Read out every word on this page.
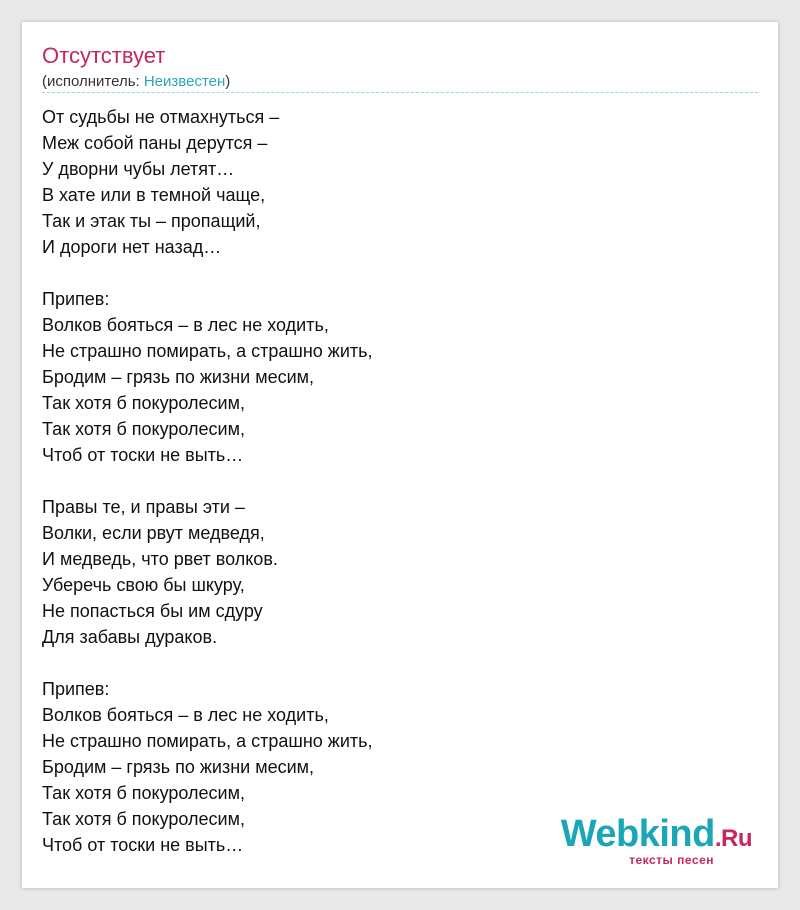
Отсутствует
(исполнитель: Неизвестен)
От судьбы не отмахнуться –
Меж собой паны дерутся –
У дворни чубы летят…
В хате или в темной чаще,
Так и этак ты – пропащий,
И дороги нет назад…
Припев:
Волков бояться – в лес не ходить,
Не страшно помирать, а страшно жить,
Бродим – грязь по жизни месим,
Так хотя б покуролесим,
Так хотя б покуролесим,
Чтоб от тоски не выть…
Правы те, и правы эти –
Волки, если рвут медведя,
И медведь, что рвет волков.
Уберечь свою бы шкуру,
Не попасться бы им сдуру
Для забавы дураков.
Припев:
Волков бояться – в лес не ходить,
Не страшно помирать, а страшно жить,
Бродим – грязь по жизни месим,
Так хотя б покуролесим,
Так хотя б покуролесим,
Чтоб от тоски не выть…	Webkind.Ru
тексты песен
